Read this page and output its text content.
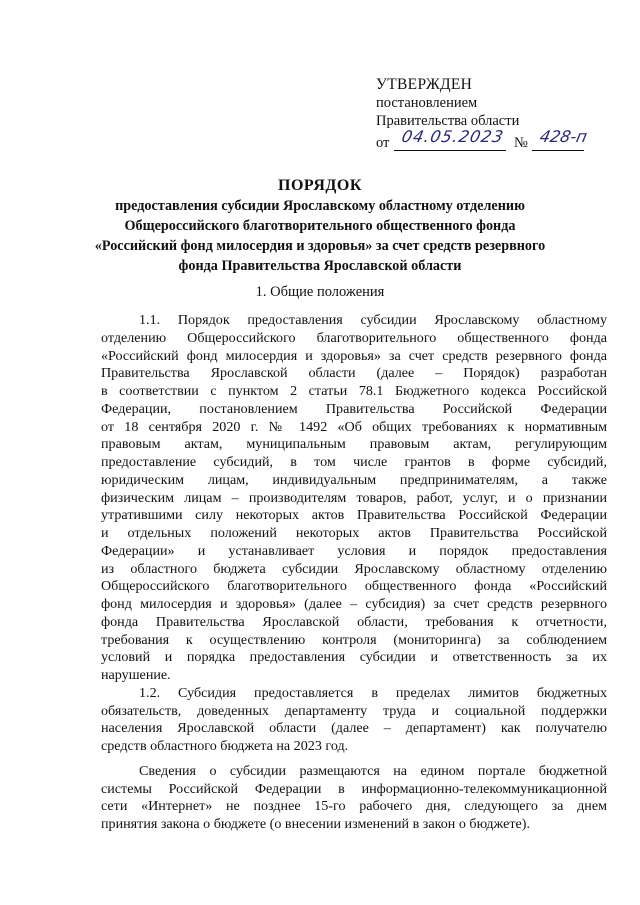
УТВЕРЖДЕН
постановлением
Правительства области
от 04.05.2023 № 428-п
ПОРЯДОК
предоставления субсидии Ярославскому областному отделению
Общероссийского благотворительного общественного фонда
«Российский фонд милосердия и здоровья» за счет средств резервного
фонда Правительства Ярославской области
1. Общие положения
1.1. Порядок предоставления субсидии Ярославскому областному
отделению Общероссийского благотворительного общественного фонда
«Российский фонд милосердия и здоровья» за счет средств резервного фонда
Правительства Ярославской области (далее – Порядок) разработан
в соответствии с пунктом 2 статьи 78.1 Бюджетного кодекса Российской
Федерации, постановлением Правительства Российской Федерации
от 18 сентября 2020 г. № 1492 «Об общих требованиях к нормативным
правовым актам, муниципальным правовым актам, регулирующим
предоставление субсидий, в том числе грантов в форме субсидий,
юридическим лицам, индивидуальным предпринимателям, а также
физическим лицам – производителям товаров, работ, услуг, и о признании
утратившими силу некоторых актов Правительства Российской Федерации
и отдельных положений некоторых актов Правительства Российской
Федерации» и устанавливает условия и порядок предоставления
из областного бюджета субсидии Ярославскому областному отделению
Общероссийского благотворительного общественного фонда «Российский
фонд милосердия и здоровья» (далее – субсидия) за счет средств резервного
фонда Правительства Ярославской области, требования к отчетности,
требования к осуществлению контроля (мониторинга) за соблюдением
условий и порядка предоставления субсидии и ответственность за их
нарушение.
1.2. Субсидия предоставляется в пределах лимитов бюджетных
обязательств, доведенных департаменту труда и социальной поддержки
населения Ярославской области (далее – департамент) как получателю
средств областного бюджета на 2023 год.
Сведения о субсидии размещаются на едином портале бюджетной
системы Российской Федерации в информационно-телекоммуникационной
сети «Интернет» не позднее 15-го рабочего дня, следующего за днем
принятия закона о бюджете (о внесении изменений в закон о бюджете).
